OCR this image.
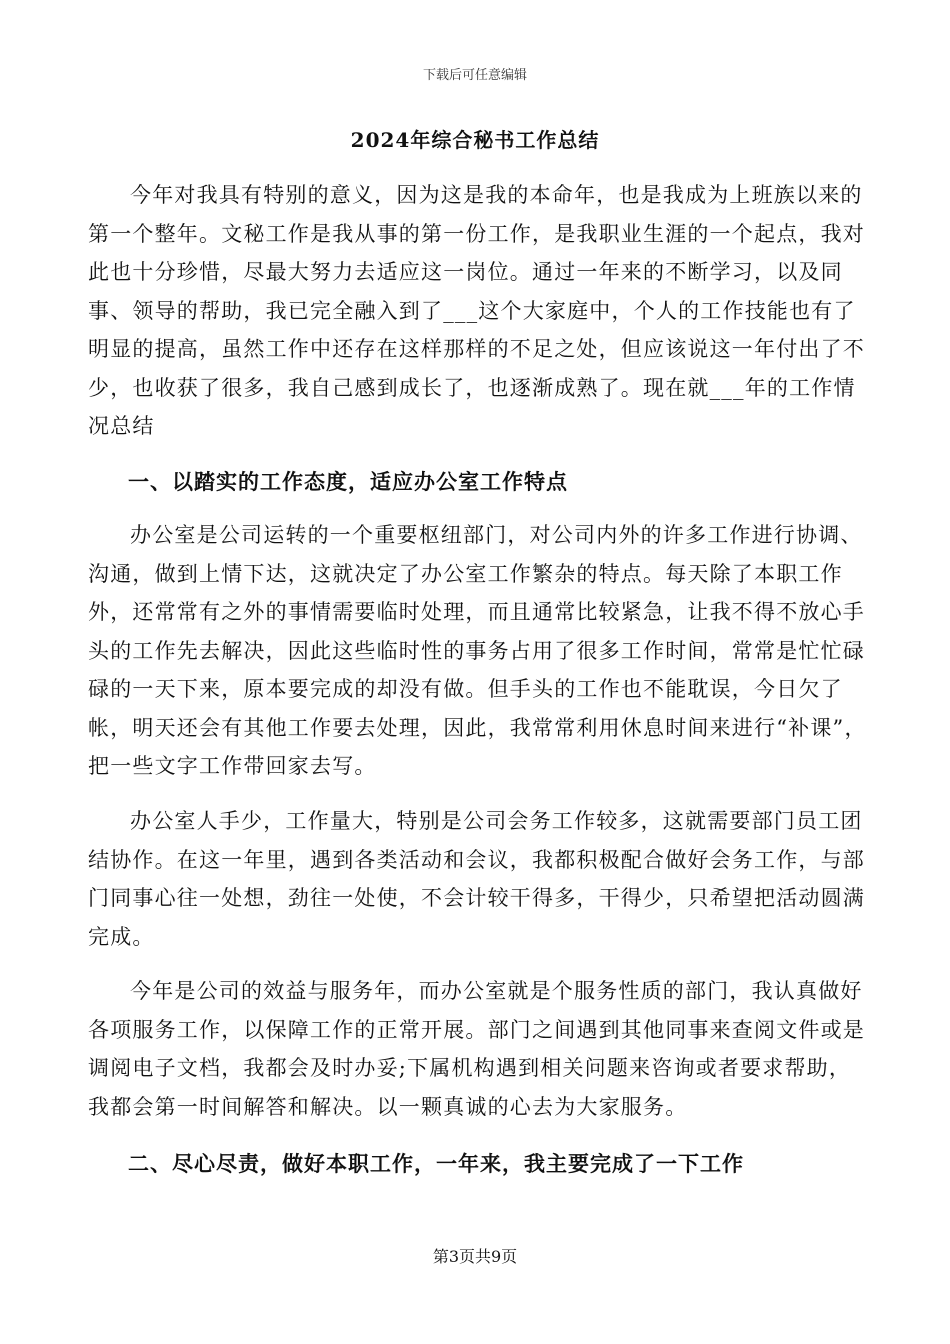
下载后可任意编辑
2024年综合秘书工作总结

今年对我具有特别的意义，因为这是我的本命年，也是我成为上班族以来的第一个整年。文秘工作是我从事的第一份工作，是我职业生涯的一个起点，我对此也十分珍惜，尽最大努力去适应这一岗位。通过一年来的不断学习，以及同事、领导的帮助，我已完全融入到了___这个大家庭中，个人的工作技能也有了明显的提高，虽然工作中还存在这样那样的不足之处，但应该说这一年付出了不少，也收获了很多，我自己感到成长了，也逐渐成熟了。现在就___年的工作情况总结

一、以踏实的工作态度，适应办公室工作特点

办公室是公司运转的一个重要枢纽部门，对公司内外的许多工作进行协调、沟通，做到上情下达，这就决定了办公室工作繁杂的特点。每天除了本职工作外，还常常有之外的事情需要临时处理，而且通常比较紧急，让我不得不放心手头的工作先去解决，因此这些临时性的事务占用了很多工作时间，常常是忙忙碌碌的一天下来，原本要完成的却没有做。但手头的工作也不能耽误，今日欠了帐，明天还会有其他工作要去处理，因此，我常常利用休息时间来进行“补课”，把一些文字工作带回家去写。

办公室人手少，工作量大，特别是公司会务工作较多，这就需要部门员工团结协作。在这一年里，遇到各类活动和会议，我都积极配合做好会务工作，与部门同事心往一处想，劲往一处使，不会计较干得多，干得少，只希望把活动圆满完成。

今年是公司的效益与服务年，而办公室就是个服务性质的部门，我认真做好各项服务工作，以保障工作的正常开展。部门之间遇到其他同事来查阅文件或是调阅电子文档，我都会及时办妥;下属机构遇到相关问题来咨询或者要求帮助，我都会第一时间解答和解决。以一颗真诚的心去为大家服务。

二、尽心尽责，做好本职工作，一年来，我主要完成了一下工作
第3页共9页
